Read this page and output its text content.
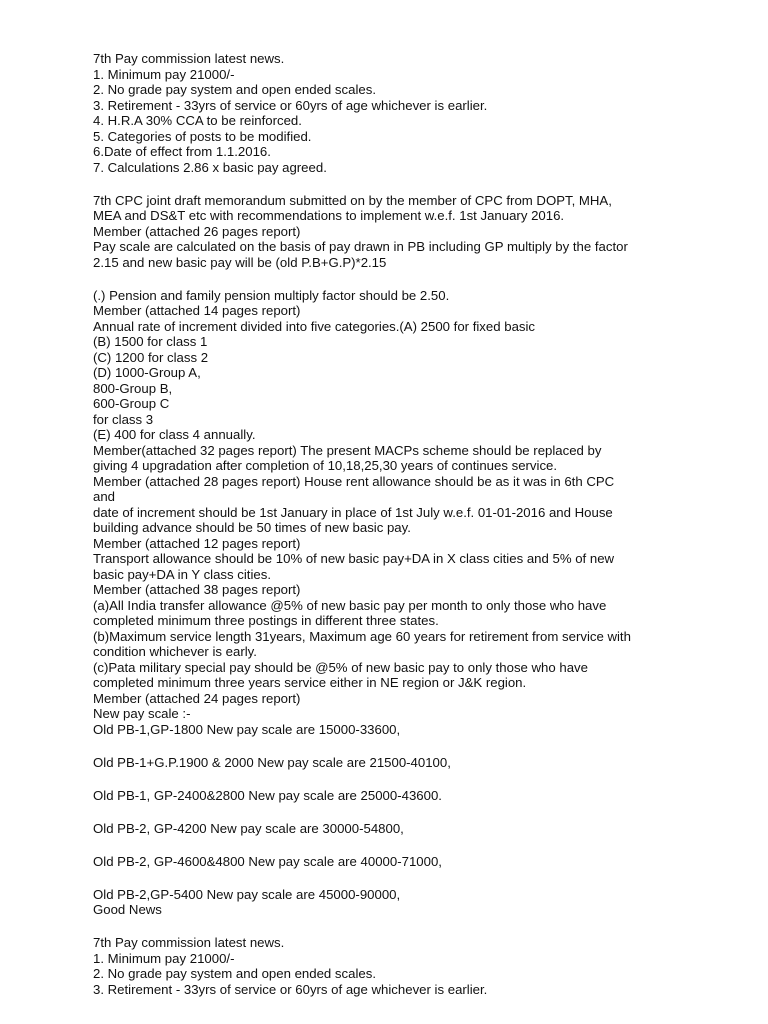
7th Pay commission latest news.
1. Minimum pay 21000/-
2. No grade pay system and open ended scales.
3. Retirement - 33yrs of service or 60yrs of age whichever is earlier.
4. H.R.A 30% CCA to be reinforced.
5. Categories of posts to be modified.
6.Date of effect from 1.1.2016.
7. Calculations 2.86 x basic pay agreed.
7th CPC joint draft memorandum submitted on by the member of CPC from DOPT, MHA,
MEA and DS&T etc with recommendations to implement w.e.f. 1st January 2016.
Member (attached 26 pages report)
Pay scale are calculated on the basis of pay drawn in PB including GP multiply by the factor
2.15 and new basic pay will be (old P.B+G.P)*2.15
(.) Pension and family pension multiply factor should be 2.50.
Member (attached 14 pages report)
Annual rate of increment divided into five categories.(A) 2500 for fixed basic
(B) 1500 for class 1
(C) 1200 for class 2
(D) 1000-Group A,
800-Group B,
600-Group C
for class 3
(E) 400 for class 4 annually.
Member(attached 32 pages report) The present MACPs scheme should be replaced by
giving 4 upgradation after completion of 10,18,25,30 years of continues service.
Member (attached 28 pages report) House rent allowance should be as it was in 6th CPC
and
date of increment should be 1st January in place of 1st July w.e.f. 01-01-2016 and House
building advance should be 50 times of new basic pay.
Member (attached 12 pages report)
Transport allowance should be 10% of new basic pay+DA in X class cities and 5% of new
basic pay+DA in Y class cities.
Member (attached 38 pages report)
(a)All India transfer allowance @5% of new basic pay per month to only those who have
completed minimum three postings in different three states.
(b)Maximum service length 31years, Maximum age 60 years for retirement from service with
condition whichever is early.
(c)Pata military special pay should be @5% of new basic pay to only those who have
completed minimum three years service either in NE region or J&K region.
Member (attached 24 pages report)
New pay scale :-
Old PB-1,GP-1800 New pay scale are 15000-33600,
Old PB-1+G.P.1900 & 2000 New pay scale are 21500-40100,
Old PB-1, GP-2400&2800 New pay scale are 25000-43600.
Old PB-2, GP-4200 New pay scale are 30000-54800,
Old PB-2, GP-4600&4800 New pay scale are 40000-71000,
Old PB-2,GP-5400 New pay scale are 45000-90000,
Good News
7th Pay commission latest news.
1. Minimum pay 21000/-
2. No grade pay system and open ended scales.
3. Retirement - 33yrs of service or 60yrs of age whichever is earlier.
